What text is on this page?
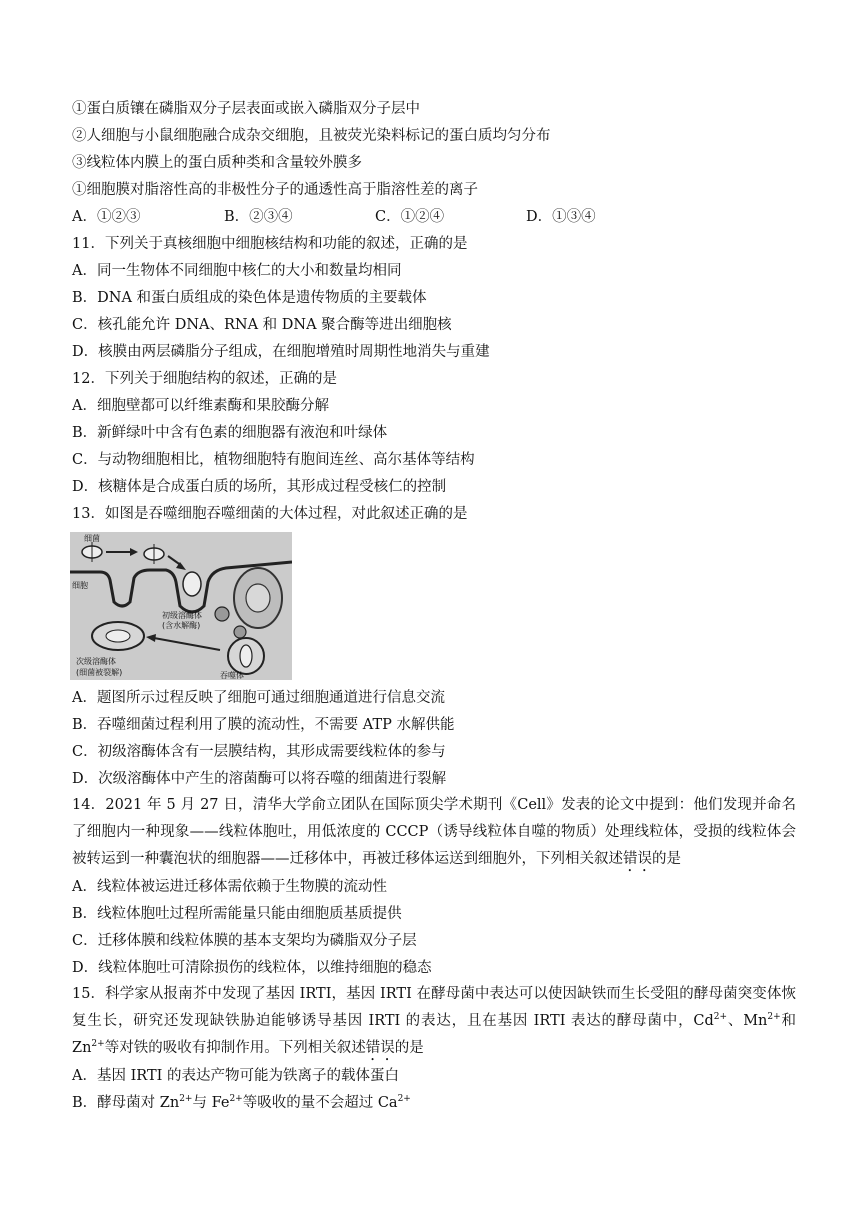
①蛋白质镶在磷脂双分子层表面或嵌入磷脂双分子层中
②人细胞与小鼠细胞融合成杂交细胞，且被荧光染料标记的蛋白质均匀分布
③线粒体内膜上的蛋白质种类和含量较外膜多
①细胞膜对脂溶性高的非极性分子的通透性高于脂溶性差的离子
A．①②③	B．②③④	C．①②④	D．①③④
11．下列关于真核细胞中细胞核结构和功能的叙述，正确的是
A．同一生物体不同细胞中核仁的大小和数量均相同
B．DNA 和蛋白质组成的染色体是遗传物质的主要载体
C．核孔能允许 DNA、RNA 和 DNA 聚合酶等进出细胞核
D．核膜由两层磷脂分子组成，在细胞增殖时周期性地消失与重建
12．下列关于细胞结构的叙述，正确的是
A．细胞壁都可以纤维素酶和果胶酶分解
B．新鲜绿叶中含有色素的细胞器有液泡和叶绿体
C．与动物细胞相比，植物细胞特有胞间连丝、高尔基体等结构
D．核糖体是合成蛋白质的场所，其形成过程受核仁的控制
13．如图是吞噬细胞吞噬细菌的大体过程，对此叙述正确的是
细菌
细胞
初级溶酶体
(含水解酶)
次级溶酶体
(细菌被裂解)	吞噬体
A．题图所示过程反映了细胞可通过细胞通道进行信息交流
B．吞噬细菌过程利用了膜的流动性，不需要 ATP 水解供能
C．初级溶酶体含有一层膜结构，其形成需要线粒体的参与
D．次级溶酶体中产生的溶菌酶可以将吞噬的细菌进行裂解
14．2021 年 5 月 27 日，清华大学俞立团队在国际顶尖学术期刊《Cell》发表的论文中提到：他们发现并命名了细胞内一种现象——线粒体胞吐，用低浓度的 CCCP（诱导线粒体自噬的物质）处理线粒体，受损的线粒体会被转运到一种囊泡状的细胞器——迁移体中，再被迁移体运送到细胞外，下列相关叙述错误的是
A．线粒体被运进迁移体需依赖于生物膜的流动性
B．线粒体胞吐过程所需能量只能由细胞质基质提供
C．迁移体膜和线粒体膜的基本支架均为磷脂双分子层
D．线粒体胞吐可清除损伤的线粒体，以维持细胞的稳态
15．科学家从报南芥中发现了基因 IRTI，基因 IRTI 在酵母菌中表达可以使因缺铁而生长受阻的酵母菌突变体恢复生长，研究还发现缺铁胁迫能够诱导基因 IRTI 的表达，且在基因 IRTI 表达的酵母菌中，$Cd^{2+}$、$Mn^{2+}$和 $Zn^{2+}$等对铁的吸收有抑制作用。下列相关叙述错误的是
A．基因 IRTI 的表达产物可能为铁离子的载体蛋白
B．酵母菌对 $Zn^{2+}$与 $Fe^{2+}$等吸收的量不会超过 $Ca^{2+}$
